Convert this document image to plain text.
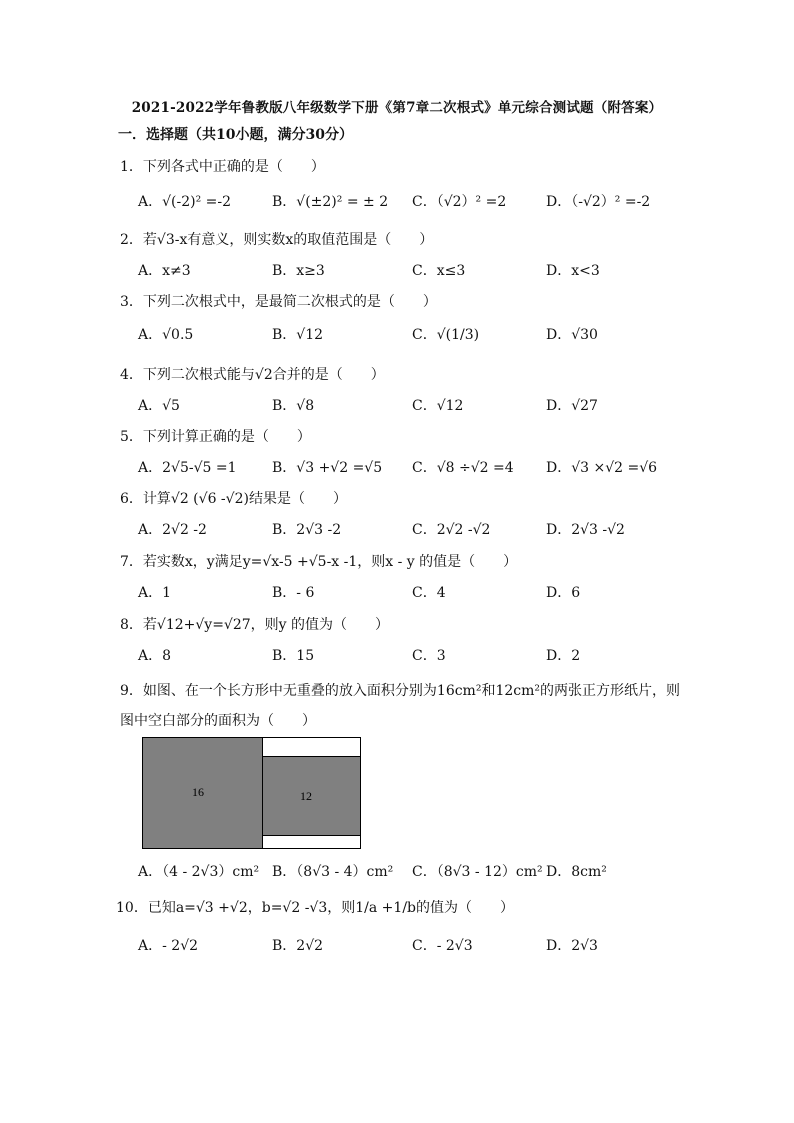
2021-2022学年鲁教版八年级数学下册《第7章二次根式》单元综合测试题（附答案）
一．选择题（共10小题，满分30分）
1．下列各式中正确的是（　　）
A．√(-2)² =-2	B．√(±2)² = ± 2 C．（√2）² =2	D．（-√2）² =-2
2．若√3-x有意义，则实数x的取值范围是（　　）
A．x≠3	B．x≥3	C．x≤3	D．x<3
3．下列二次根式中，是最简二次根式的是（　　）
A．√0.5	B．√12	C．√(1/3)	D．√30
4．下列二次根式能与√2合并的是（　　）
A．√5	B．√8	C．√12	D．√27
5．下列计算正确的是（　　）
A．2√5-√5 =1	B．√3 +√2 =√5 C．√8 ÷√2 =4 D．√3 ×√2 =√6
6．计算√2 (√6 -√2)结果是（　　）
A．2√2 -2	B．2√3 -2	C．2√2 -√2	D．2√3 -√2
7．若实数x，y满足y=√x-5 +√5-x -1，则x - y 的值是（　　）
A．1	B．- 6	C．4	D．6
8．若√12+√y=√27，则y 的值为（　　）
A．8	B．15	C．3	D．2
9．如图、在一个长方形中无重叠的放入面积分别为16cm²和12cm²的两张正方形纸片，则图中空白部分的面积为（　　）
16	12
A．（4 - 2√3）cm² B．（8√3 - 4）cm² C．（8√3 - 12）cm² D．8cm²
10．已知a=√3 +√2，b=√2 -√3，则1/a +1/b的值为（　　）
A．- 2√2	B．2√2	C．- 2√3	D．2√3
